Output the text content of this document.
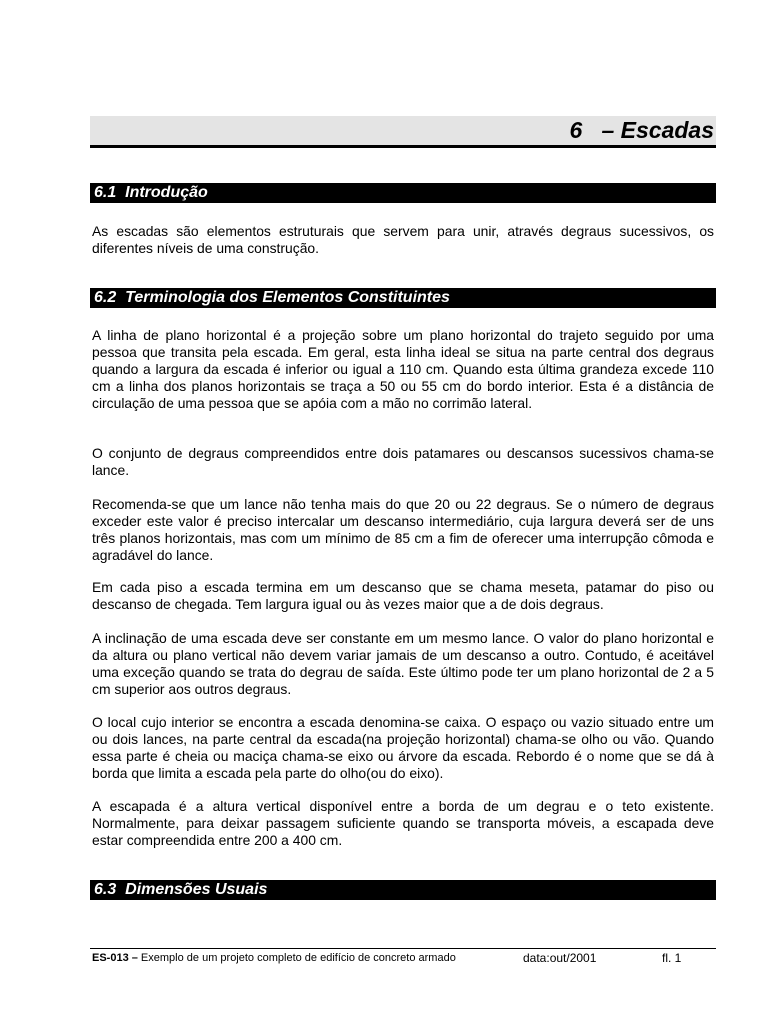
6   – Escadas
6.1  Introdução

As escadas são elementos estruturais que servem para unir, através degraus sucessivos, os diferentes níveis de uma construção.

6.2  Terminologia dos Elementos Constituintes

A linha de plano horizontal é a projeção sobre um plano horizontal do trajeto seguido por uma pessoa que transita pela escada. Em geral, esta linha ideal se situa na parte central dos degraus quando a largura da escada é inferior ou igual a 110 cm. Quando esta última grandeza excede 110 cm a linha dos planos horizontais se traça a 50 ou 55 cm do bordo interior. Esta é a distância de circulação de uma pessoa que se apóia com a mão no corrimão lateral.

O conjunto de degraus compreendidos entre dois patamares ou descansos sucessivos chama-se lance.

Recomenda-se que um lance não tenha mais do que 20 ou 22 degraus. Se o número de degraus exceder este valor é preciso intercalar um descanso intermediário, cuja largura deverá ser de uns três planos horizontais, mas com um mínimo de 85 cm a fim de oferecer uma interrupção cômoda e agradável do lance.

Em cada piso a escada termina em um descanso que se chama meseta, patamar do piso ou descanso de chegada. Tem largura igual ou às vezes maior que a de dois degraus.

A inclinação de uma escada deve ser constante em um mesmo lance. O valor do plano horizontal e da altura ou plano vertical não devem variar jamais de um descanso a outro. Contudo, é aceitável uma exceção quando se trata do degrau de saída. Este último pode ter um plano horizontal de 2 a 5 cm superior aos outros degraus.

O local cujo interior se encontra a escada denomina-se caixa. O espaço ou vazio situado entre um ou dois lances, na parte central da escada(na projeção horizontal) chama-se olho ou vão. Quando essa parte é cheia ou maciça chama-se eixo ou árvore da escada. Rebordo é o nome que se dá à borda que limita a escada pela parte do olho(ou do eixo).

A escapada é a altura vertical disponível entre a borda de um degrau e o teto existente. Normalmente, para deixar passagem suficiente quando se transporta móveis, a escapada deve estar compreendida entre 200 a 400 cm.

6.3  Dimensões Usuais
ES-013 – Exemplo de um projeto completo de edifício de concreto armado	data:out/2001	fl. 1
